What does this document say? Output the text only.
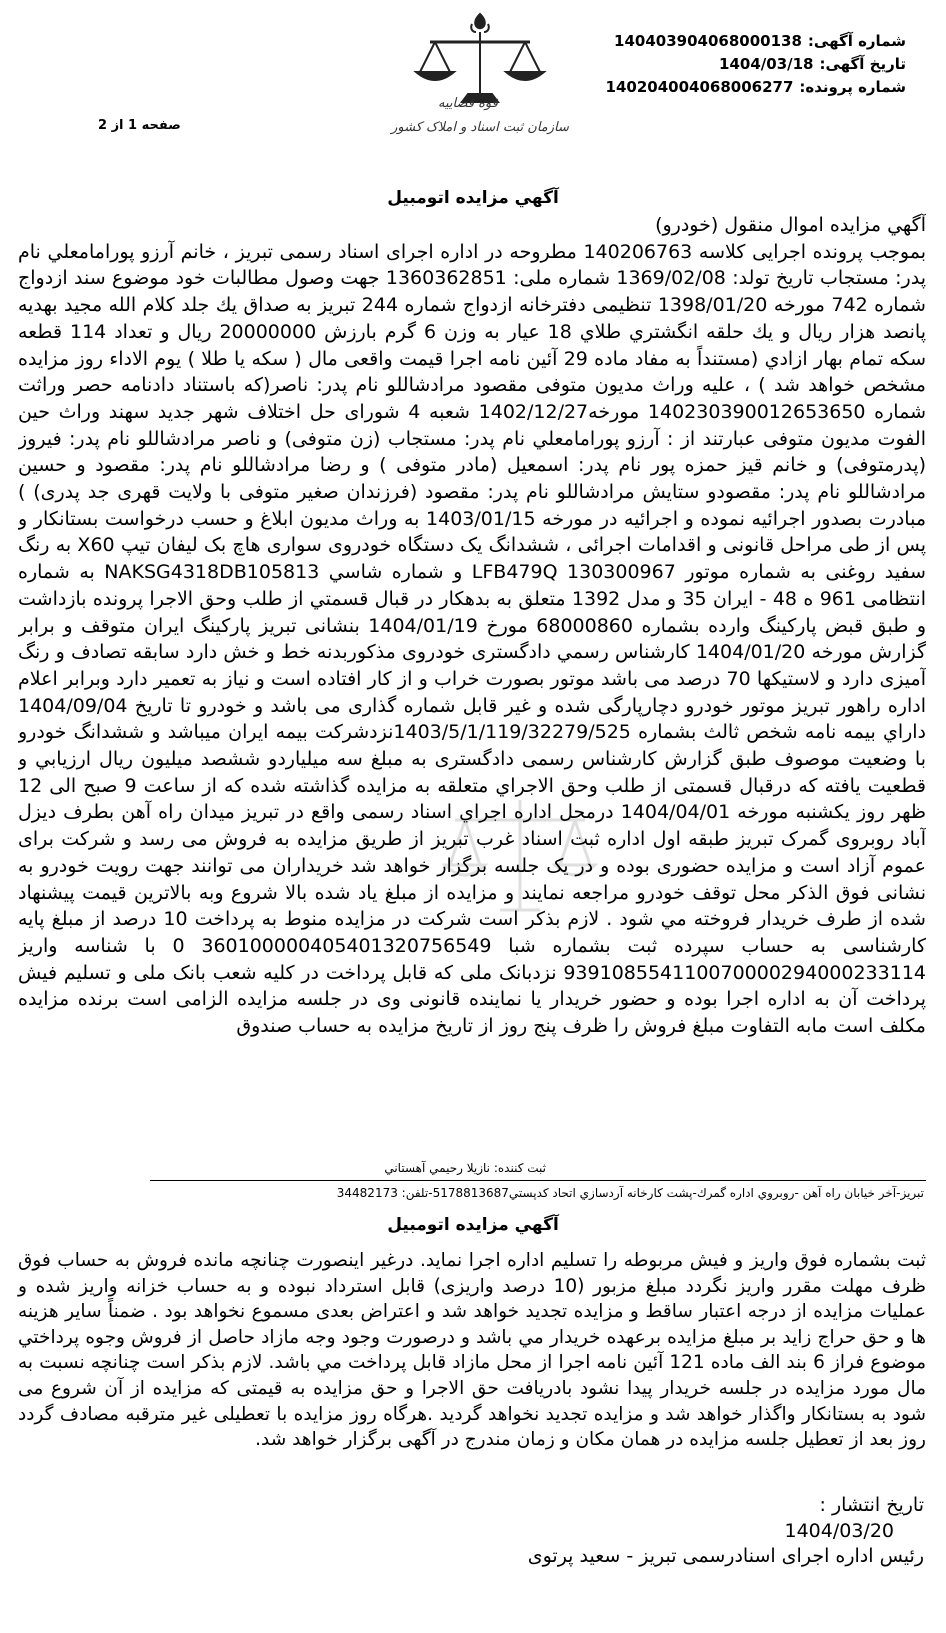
قوه قضاییه
سازمان ثبت اسناد و املاک کشور
شماره آگهی:140403904068000138
تاریخ آگهی:1404/03/18
شماره پرونده:140204004068006277
صفحه 1 از 2
آگهي مزايده اتومبيل
آگهي مزايده اموال منقول (خودرو)
بموجب پرونده اجرایی کلاسه 140206763 مطروحه در اداره اجرای اسناد رسمی تبریز ، خانم آرزو پورامامعلي نام پدر: مستجاب تاریخ تولد: 1369/02/08 شماره ملی: 1360362851 جهت وصول مطالبات خود موضوع سند ازدواج شماره 742 مورخه 1398/01/20 تنظیمی دفترخانه ازدواج شماره 244 تبریز به صداق يك جلد كلام الله مجيد بهديه پانصد هزار ريال و يك حلقه انگشتري طلاي 18 عيار به وزن 6 گرم بارزش 20000000 ریال و تعداد 114 قطعه سکه تمام بهار ازادي (مستنداً به مفاد ماده 29 آئین نامه اجرا قیمت واقعی مال ( سکه یا طلا ) یوم الاداء روز مزایده مشخص خواهد شد ) ، علیه وراث مديون متوفی مقصود مرادشاللو نام پدر: ناصر(که باستناد دادنامه حصر وراثت شماره 140230390012653650 مورخه1402/12/27 شعبه 4 شورای حل اختلاف شهر جدید سهند وراث حین الفوت مديون متوفی عبارتند از : آرزو پورامامعلي نام پدر: مستجاب (زن متوفی) و ناصر مرادشاللو نام پدر: فیروز (پدرمتوفی) و خانم قیز حمزه پور نام پدر: اسمعیل (مادر متوفی ) و رضا مرادشاللو نام پدر: مقصود و حسین مرادشاللو نام پدر: مقصودو ستایش مرادشاللو نام پدر: مقصود (فرزندان صغیر متوفی با ولایت قهری جد پدری) ) مبادرت بصدور اجرائیه نموده و اجرائیه در مورخه 1403/01/15 به وراث مديون ابلاغ و حسب درخواست بستانکار و پس از طی مراحل قانونی و اقدامات اجرائی ، ششدانگ یک دستگاه خودروی سواری هاچ بک لیفان تیپ X60 به رنگ سفید روغنی به شماره موتور LFB479Q 130300967 و شماره شاسي NAKSG4318DB105813 به شماره انتظامی 961 ه 48 - ایران 35 و مدل 1392 متعلق به بدهکار در قبال قسمتي از طلب وحق الاجرا پرونده بازداشت و طبق قبض پارکینگ وارده بشماره 68000860 مورخ 1404/01/19 بنشانی تبریز پارکینگ ایران متوقف و برابر گزارش مورخه 1404/01/20 کارشناس رسمي دادگستری خودروی مذکوربدنه خط و خش دارد سابقه تصادف و رنگ آمیزی دارد و لاستیکها 70 درصد می باشد موتور بصورت خراب و از کار افتاده است و نیاز به تعمیر دارد وبرابر اعلام اداره راهور تبریز موتور خودرو دچارپارگی شده و غیر قابل شماره گذاری می باشد و خودرو تا تاریخ 1404/09/04 داراي بیمه نامه شخص ثالث بشماره 1403/5/1/119/32279/525نزدشرکت بیمه ایران میباشد و ششدانگ خودرو با وضعیت موصوف طبق گزارش کارشناس رسمی دادگستری به مبلغ سه میلیاردو ششصد میلیون ریال ارزیابي و قطعیت یافته که درقبال قسمتی از طلب وحق الاجراي متعلقه به مزايده گذاشته شده که از ساعت 9 صبح الی 12 ظهر روز یکشنبه مورخه 1404/04/01 درمحل اداره اجراي اسناد رسمی واقع در تبریز میدان راه آهن بطرف دیزل آباد روبروی گمرک تبریز طبقه اول اداره ثبت اسناد غرب تبریز از طریق مزایده به فروش می رسد و شرکت برای عموم آزاد است و مزایده حضوری بوده و در یک جلسه برگزار خواهد شد خریداران می توانند جهت رویت خودرو به نشانی فوق الذکر محل توقف خودرو مراجعه نمایند و مزایده از مبلغ یاد شده بالا شروع وبه بالاترین قیمت پیشنهاد شده از طرف خریدار فروخته مي شود . لازم بذکر است شرکت در مزایده منوط به پرداخت 10 درصد از مبلغ پایه کارشناسی به حساب سپرده ثبت بشماره شبا 360100000405401320756549 0 با شناسه واریز 939108554110070000294000233114 نزدبانک ملی که قابل پرداخت در کلیه شعب بانک ملی و تسلیم فیش پرداخت آن به اداره اجرا بوده و حضور خریدار یا نماینده قانونی وی در جلسه مزایده الزامی است برنده مزایده مکلف است مابه التفاوت مبلغ فروش را ظرف پنج روز از تاریخ مزایده به حساب صندوق
ثبت کننده: نازیلا رحیمي آهستاني
تبريز-آخر خيابان راه آهن -روبروي اداره گمرك-پشت كارخانه آردسازي اتحاد كدپستي5178813687-تلفن: 34482173
آگهي مزايده اتومبيل

ثبت بشماره فوق واریز و فیش مربوطه را تسلیم اداره اجرا نماید. درغیر اینصورت چنانچه مانده فروش به حساب فوق ظرف مهلت مقرر واریز نگردد مبلغ مزبور (10 درصد واریزی) قابل استرداد نبوده و به حساب خزانه واریز شده و عملیات مزایده از درجه اعتبار ساقط و مزایده تجدید خواهد شد و اعتراض بعدی مسموع نخواهد بود . ضمناً سایر هزینه ها و حق حراج زاید بر مبلغ مزایده برعهده خریدار مي باشد و درصورت وجود وجه مازاد حاصل از فروش وجوه پرداختي موضوع فراز 6 بند الف ماده 121 آئین نامه اجرا از محل مازاد قابل پرداخت مي باشد. لازم بذکر است چنانچه نسبت به مال مورد مزایده در جلسه خریدار پیدا نشود بادریافت حق الاجرا و حق مزایده به قیمتی که مزایده از آن شروع می شود به بستانکار واگذار خواهد شد و مزایده تجدید نخواهد گردید .هرگاه روز مزایده با تعطیلی غیر مترقبه مصادف گردد روز بعد از تعطیل جلسه مزایده در همان مکان و زمان مندرج در آگهی برگزار خواهد شد.

تاریخ انتشار :
1404/03/20
رئیس اداره اجرای اسنادرسمی تبریز - سعید پرتوی
